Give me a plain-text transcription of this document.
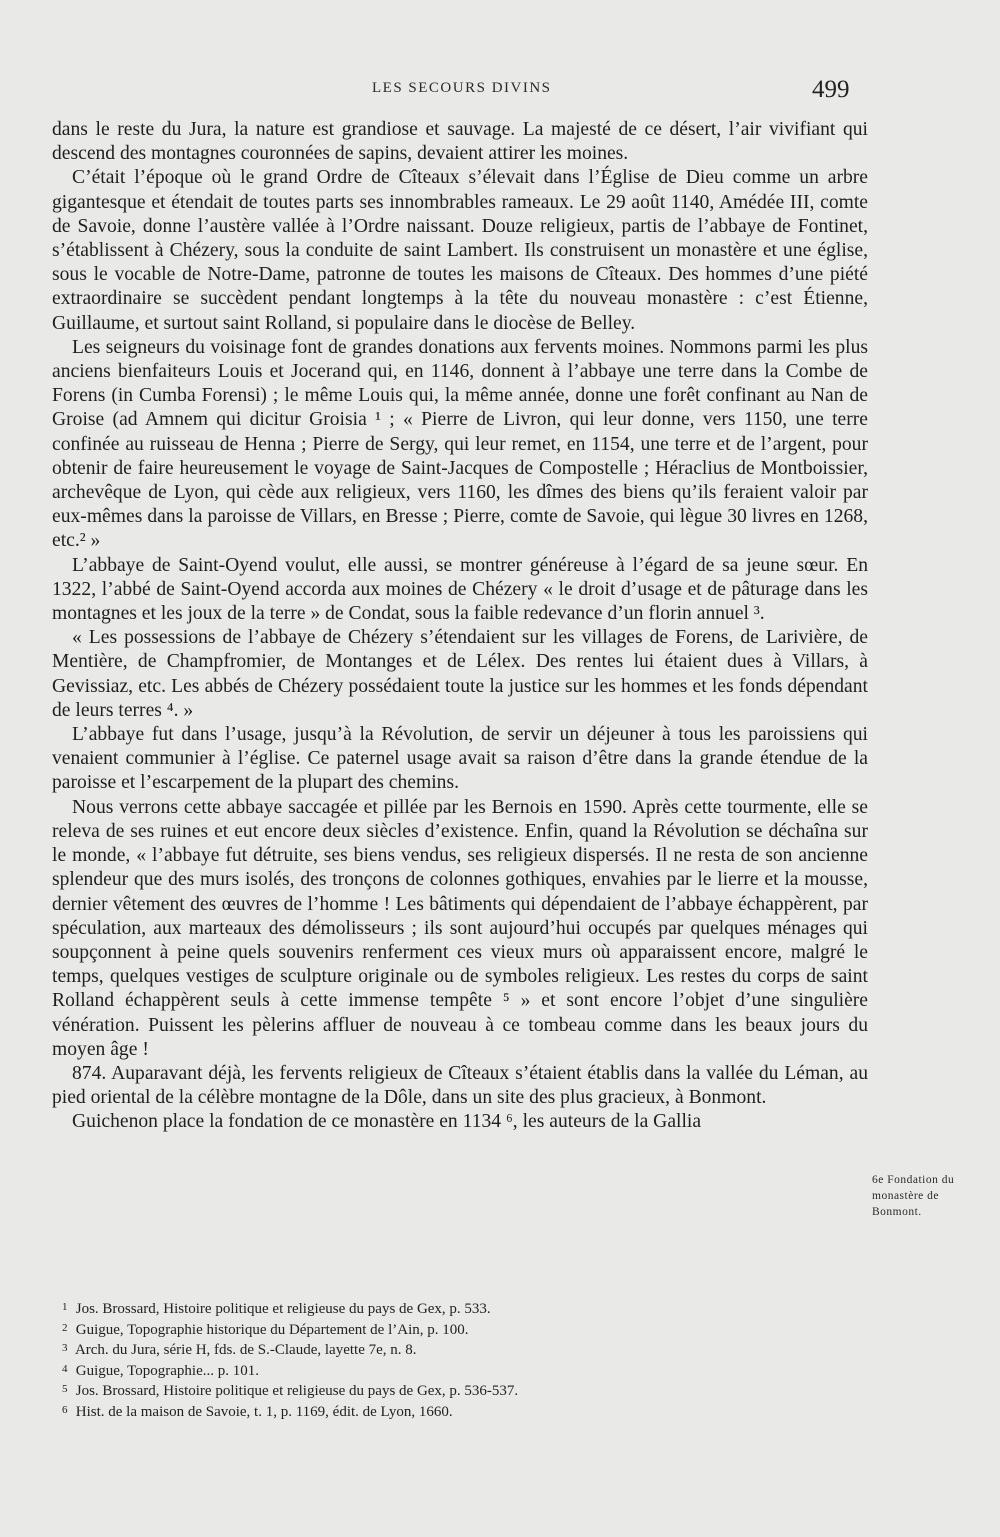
LES SECOURS DIVINS	499

dans le reste du Jura, la nature est grandiose et sauvage. La majesté de ce désert, l’air vivifiant qui descend des montagnes couronnées de sapins, devaient attirer les moines.

C’était l’époque où le grand Ordre de Cîteaux s’élevait dans l’Église de Dieu comme un arbre gigantesque et étendait de toutes parts ses innombrables rameaux. Le 29 août 1140, Amédée III, comte de Savoie, donne l’austère vallée à l’Ordre naissant. Douze religieux, partis de l’abbaye de Fontinet, s’établissent à Chézery, sous la conduite de saint Lambert. Ils construisent un monastère et une église, sous le vocable de Notre-Dame, patronne de toutes les maisons de Cîteaux. Des hommes d’une piété extraordinaire se succèdent pendant longtemps à la tête du nouveau monastère : c’est Étienne, Guillaume, et surtout saint Rolland, si populaire dans le diocèse de Belley.

Les seigneurs du voisinage font de grandes donations aux fervents moines. Nommons parmi les plus anciens bienfaiteurs Louis et Jocerand qui, en 1146, donnent à l’abbaye une terre dans la Combe de Forens (in Cumba Forensi) ; le même Louis qui, la même année, donne une forêt confinant au Nan de Groise (ad Amnem qui dicitur Groisia ¹ ; « Pierre de Livron, qui leur donne, vers 1150, une terre confinée au ruisseau de Henna ; Pierre de Sergy, qui leur remet, en 1154, une terre et de l’argent, pour obtenir de faire heureusement le voyage de Saint-Jacques de Compostelle ; Héraclius de Montboissier, archevêque de Lyon, qui cède aux religieux, vers 1160, les dîmes des biens qu’ils feraient valoir par eux-mêmes dans la paroisse de Villars, en Bresse ; Pierre, comte de Savoie, qui lègue 30 livres en 1268, etc.² »

L’abbaye de Saint-Oyend voulut, elle aussi, se montrer généreuse à l’égard de sa jeune sœur. En 1322, l’abbé de Saint-Oyend accorda aux moines de Chézery « le droit d’usage et de pâturage dans les montagnes et les joux de la terre » de Condat, sous la faible redevance d’un florin annuel ³.

« Les possessions de l’abbaye de Chézery s’étendaient sur les villages de Forens, de Larivière, de Mentière, de Champfromier, de Montanges et de Lélex. Des rentes lui étaient dues à Villars, à Gevissiaz, etc. Les abbés de Chézery possédaient toute la justice sur les hommes et les fonds dépendant de leurs terres ⁴. »

L’abbaye fut dans l’usage, jusqu’à la Révolution, de servir un déjeuner à tous les paroissiens qui venaient communier à l’église. Ce paternel usage avait sa raison d’être dans la grande étendue de la paroisse et l’escarpement de la plupart des chemins.

Nous verrons cette abbaye saccagée et pillée par les Bernois en 1590. Après cette tourmente, elle se releva de ses ruines et eut encore deux siècles d’existence. Enfin, quand la Révolution se déchaîna sur le monde, « l’abbaye fut détruite, ses biens vendus, ses religieux dispersés. Il ne resta de son ancienne splendeur que des murs isolés, des tronçons de colonnes gothiques, envahies par le lierre et la mousse, dernier vêtement des œuvres de l’homme ! Les bâtiments qui dépendaient de l’abbaye échappèrent, par spéculation, aux marteaux des démolisseurs ; ils sont aujourd’hui occupés par quelques ménages qui soupçonnent à peine quels souvenirs renferment ces vieux murs où apparaissent encore, malgré le temps, quelques vestiges de sculpture originale ou de symboles religieux. Les restes du corps de saint Rolland échappèrent seuls à cette immense tempête ⁵ » et sont encore l’objet d’une singulière vénération. Puissent les pèlerins affluer de nouveau à ce tombeau comme dans les beaux jours du moyen âge !

874. Auparavant déjà, les fervents religieux de Cîteaux s’étaient établis dans la vallée du Léman, au pied oriental de la célèbre montagne de la Dôle, dans un site des plus gracieux, à Bonmont.

Guichenon place la fondation de ce monastère en 1134 ⁶, les auteurs de la Gallia

6e Fondation du monastère de Bonmont.
1 Jos. Brossard, Histoire politique et religieuse du pays de Gex, p. 533.
2 Guigue, Topographie historique du Département de l’Ain, p. 100.
3 Arch. du Jura, série H, fds. de S.-Claude, layette 7e, n. 8.
4 Guigue, Topographie... p. 101.
5 Jos. Brossard, Histoire politique et religieuse du pays de Gex, p. 536-537.
6 Hist. de la maison de Savoie, t. 1, p. 1169, édit. de Lyon, 1660.
